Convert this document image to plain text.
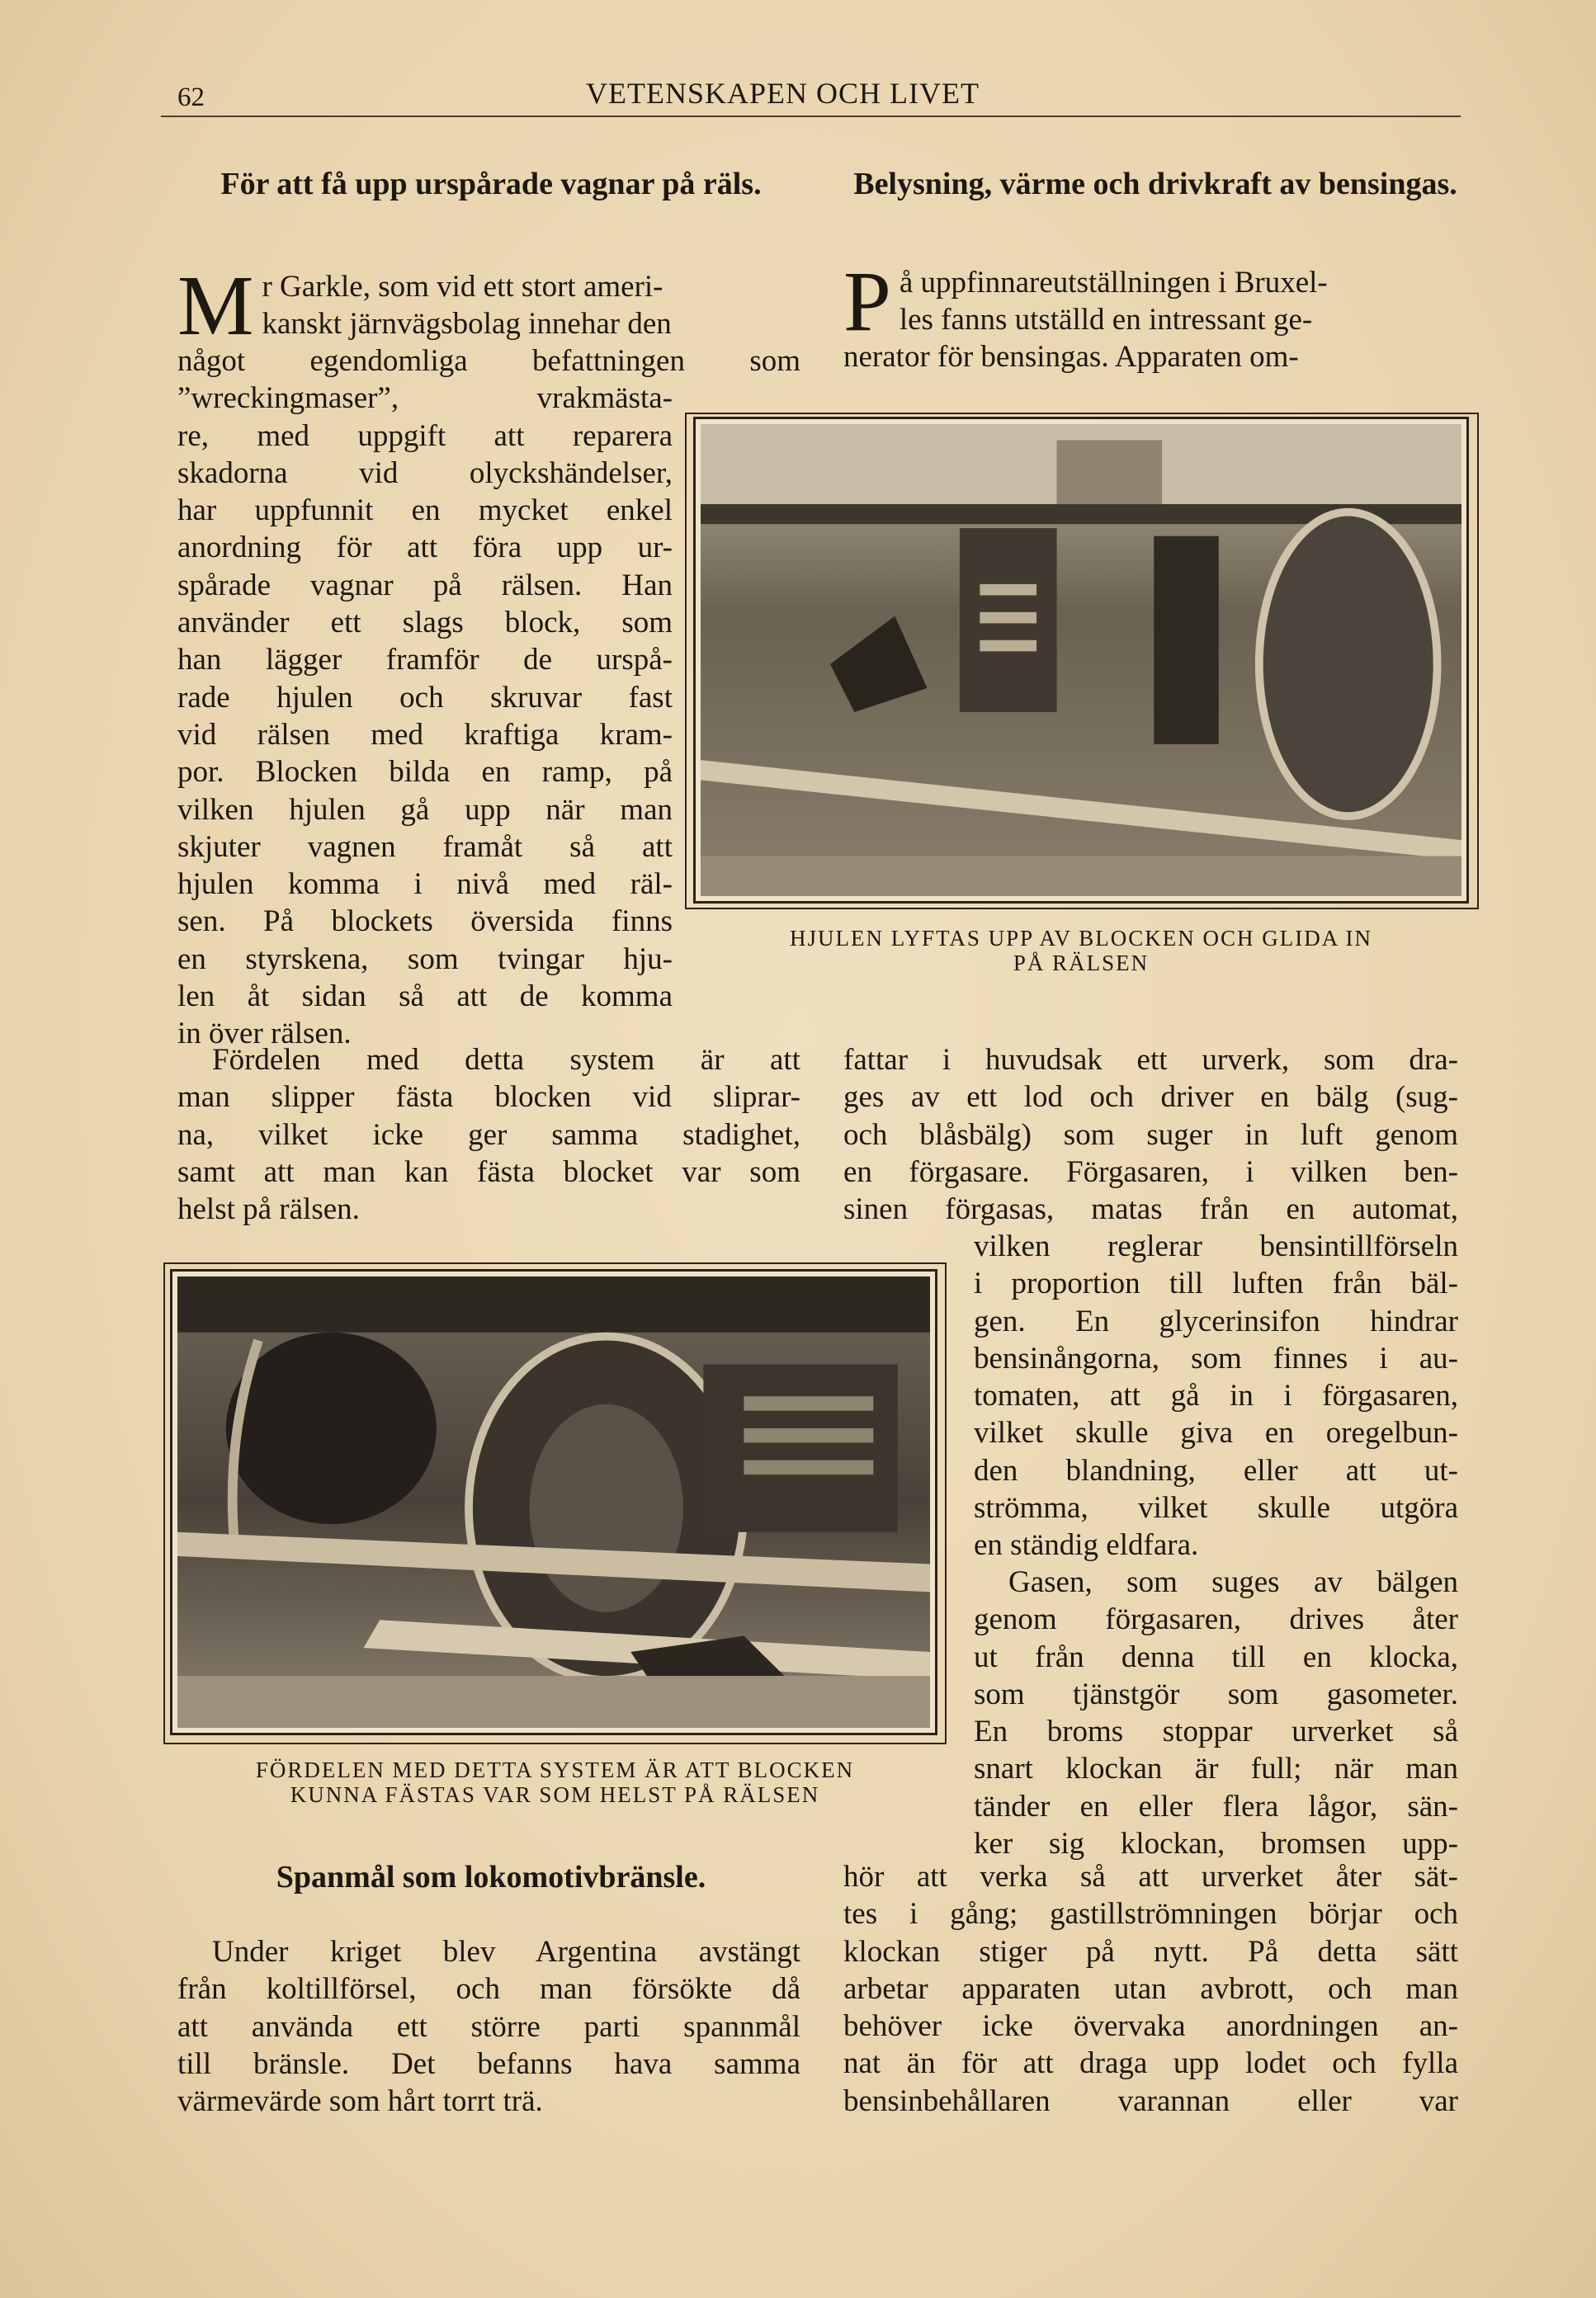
62	VETENSKAPEN OCH LIVET
För att få upp urspårade vagnar på räls.
M r Garkle, som vid ett stort ameri-
kanskt järnvägsbolag innehar den
något egendomliga befattningen som
”wreckingmaser”, vrakmästa-
re, med uppgift att reparera
skadorna vid olyckshändelser,
har uppfunnit en mycket enkel
anordning för att föra upp ur-
spårade vagnar på rälsen. Han
använder ett slags block, som
han lägger framför de urspå-
rade hjulen och skruvar fast
vid rälsen med kraftiga kram-
por. Blocken bilda en ramp, på
vilken hjulen gå upp när man
skjuter vagnen framåt så att
hjulen komma i nivå med räl-
sen. På blockets översida finns
en styrskena, som tvingar hju-
len åt sidan så att de komma
in över rälsen.
Fördelen med detta system är att
man slipper fästa blocken vid sliprar-
na, vilket icke ger samma stadighet,
samt att man kan fästa blocket var som
helst på rälsen.
FÖRDELEN MED DETTA SYSTEM ÄR ATT BLOCKEN
KUNNA FÄSTAS VAR SOM HELST PÅ RÄLSEN
Spanmål som lokomotivbränsle.
Under kriget blev Argentina avstängt
från koltillförsel, och man försökte då
att använda ett större parti spannmål
till bränsle. Det befanns hava samma
värmevärde som hårt torrt trä.
Belysning, värme och drivkraft av bensingas.
P å uppfinnareutställningen i Bruxel-
les fanns utställd en intressant ge-
nerator för bensingas. Apparaten om-
HJULEN LYFTAS UPP AV BLOCKEN OCH GLIDA IN
PÅ RÄLSEN
fattar i huvudsak ett urverk, som dra-
ges av ett lod och driver en bälg (sug-
och blåsbälg) som suger in luft genom
en förgasare. Förgasaren, i vilken ben-
sinen förgasas, matas från en automat,
vilken reglerar bensintillförseln
i proportion till luften från bäl-
gen. En glycerinsifon hindrar
bensinångorna, som finnes i au-
tomaten, att gå in i förgasaren,
vilket skulle giva en oregelbun-
den blandning, eller att ut-
strömma, vilket skulle utgöra
en ständig eldfara.
Gasen, som suges av bälgen
genom förgasaren, drives åter
ut från denna till en klocka,
som tjänstgör som gasometer.
En broms stoppar urverket så
snart klockan är full; när man
tänder en eller flera lågor, sän-
ker sig klockan, bromsen upp-
hör att verka så att urverket åter sät-
tes i gång; gastillströmningen börjar och
klockan stiger på nytt. På detta sätt
arbetar apparaten utan avbrott, och man
behöver icke övervaka anordningen an-
nat än för att draga upp lodet och fylla
bensinbehållaren varannan eller var
